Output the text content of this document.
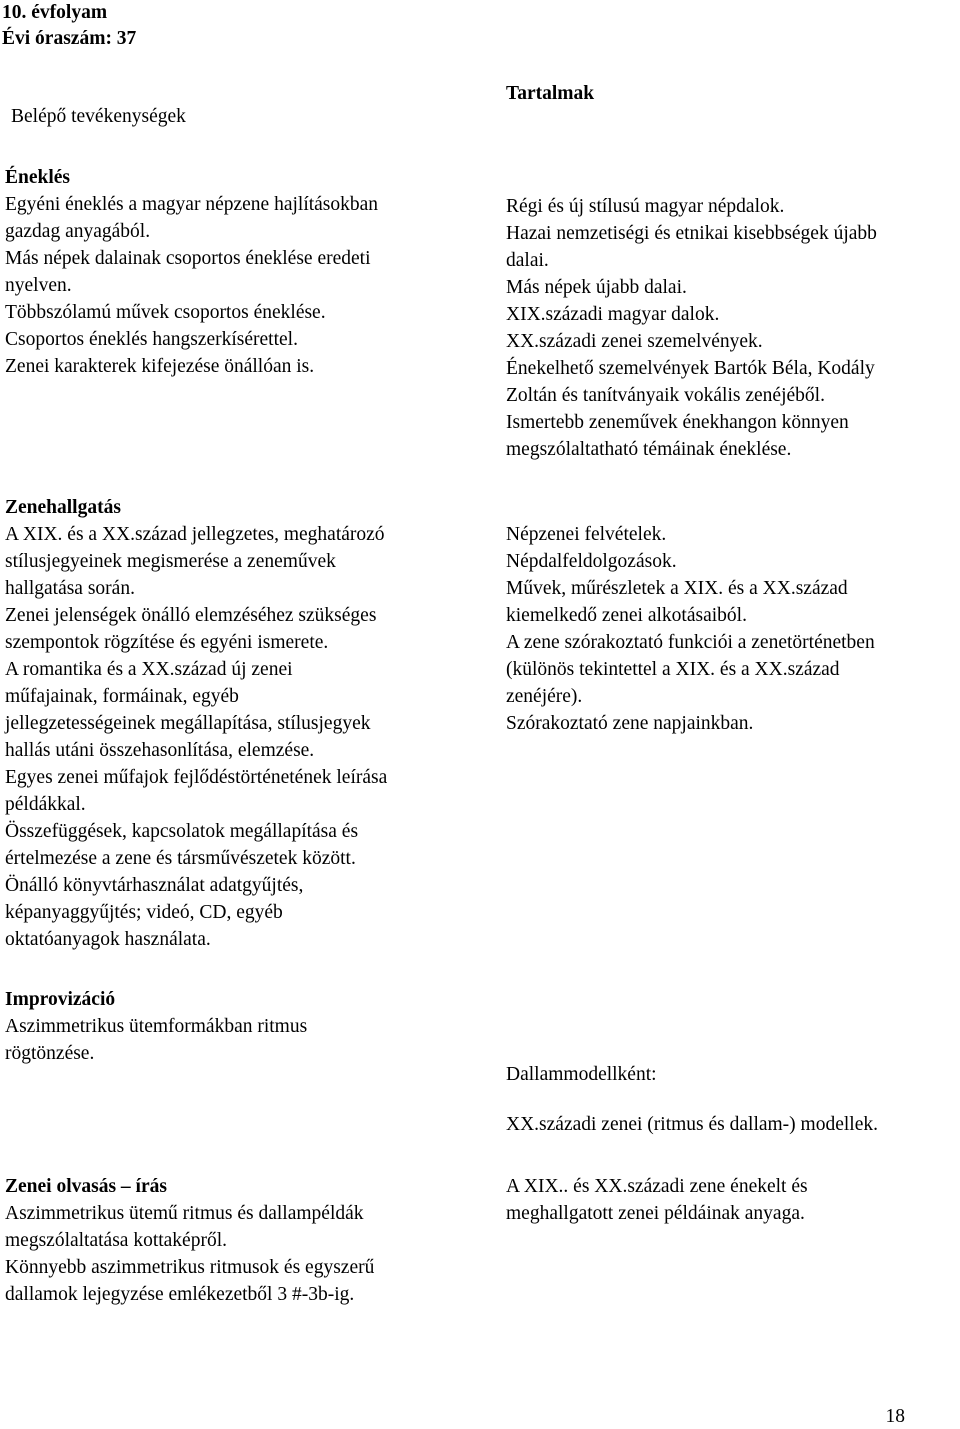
10. évfolyam
Évi óraszám: 37
Belépő tevékenységek
Tartalmak
Éneklés
Egyéni éneklés a magyar népzene hajlításokban
gazdag anyagából.
Más népek dalainak csoportos éneklése eredeti
nyelven.
Többszólamú művek csoportos éneklése.
Csoportos éneklés hangszerkísérettel.
Zenei karakterek kifejezése önállóan is.
Régi és új stílusú magyar népdalok.
Hazai nemzetiségi és etnikai kisebbségek újabb
dalai.
Más népek újabb dalai.
XIX.századi magyar dalok.
XX.századi zenei szemelvények.
Énekelhető szemelvények Bartók Béla, Kodály
Zoltán és tanítványaik vokális zenéjéből.
Ismertebb zeneművek énekhangon könnyen
megszólaltatható témáinak éneklése.
Zenehallgatás
A XIX. és a XX.század jellegzetes, meghatározó
stílusjegyeinek megismerése a zeneművek
hallgatása során.
Zenei jelenségek önálló elemzéséhez szükséges
szempontok rögzítése és egyéni ismerete.
A romantika és a XX.század új zenei
műfajainak, formáinak, egyéb
jellegzetességeinek megállapítása, stílusjegyek
hallás utáni összehasonlítása, elemzése.
Egyes zenei műfajok fejlődéstörténetének leírása
példákkal.
Összefüggések, kapcsolatok megállapítása és
értelmezése a zene és társművészetek között.
Önálló könyvtárhasználat adatgyűjtés,
képanyaggyűjtés; videó, CD, egyéb
oktatóanyagok használata.
Népzenei felvételek.
Népdalfeldolgozások.
Művek, műrészletek a XIX. és a XX.század
kiemelkedő zenei alkotásaiból.
A zene szórakoztató funkciói a zenetörténetben
(különös tekintettel a XIX. és a XX.század
zenéjére).
Szórakoztató zene napjainkban.
Improvizáció
Aszimmetrikus ütemformákban ritmus
rögtönzése.
Dallammodellként:
XX.századi zenei (ritmus és dallam-) modellek.
Zenei olvasás – írás
Aszimmetrikus ütemű ritmus és dallampéldák
megszólaltatása kottaképről.
Könnyebb aszimmetrikus ritmusok és egyszerű
dallamok lejegyzése emlékezetből 3 #-3b-ig.
A XIX.. és XX.századi zene énekelt és
meghallgatott zenei példáinak anyaga.
18
